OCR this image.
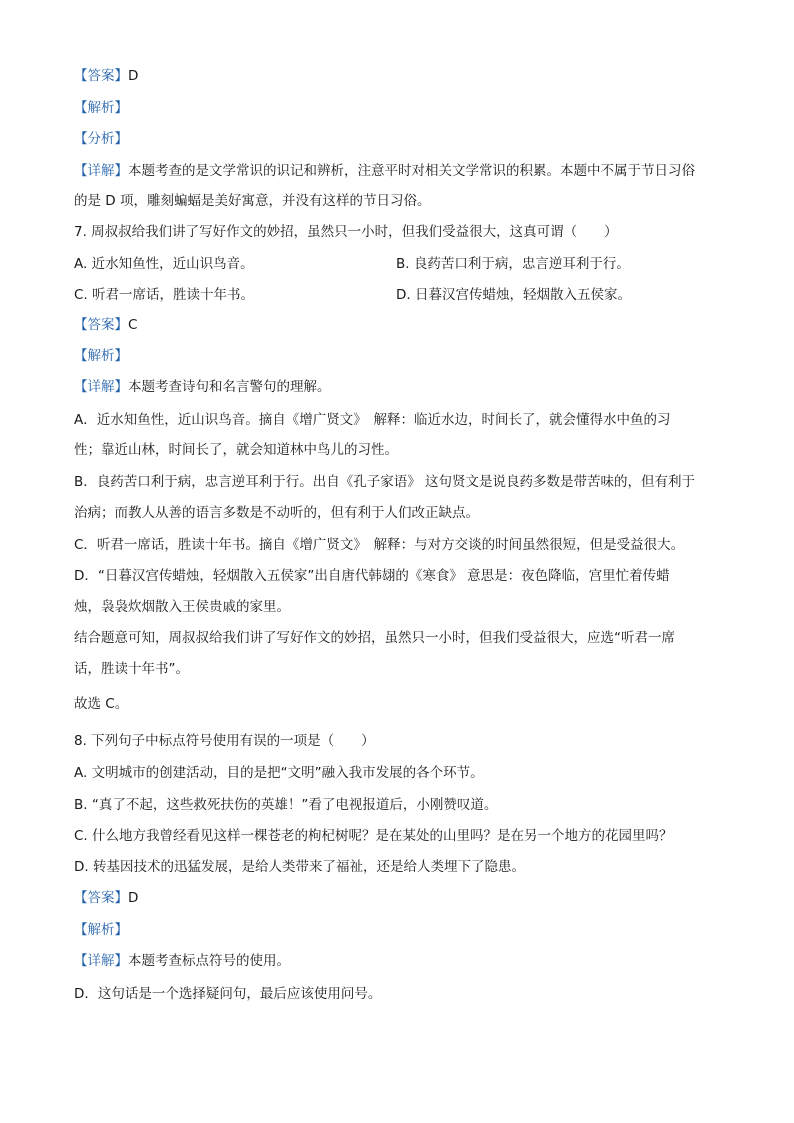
【答案】D
【解析】
【分析】
【详解】本题考查的是文学常识的识记和辨析，注意平时对相关文学常识的积累。本题中不属于节日习俗
的是 D 项，雕刻蝙蝠是美好寓意，并没有这样的节日习俗。
7. 周叔叔给我们讲了写好作文的妙招，虽然只一小时，但我们受益很大，这真可谓（　　）
A. 近水知鱼性，近山识鸟音。	B. 良药苦口利于病，忠言逆耳利于行。
C. 听君一席话，胜读十年书。	D. 日暮汉宫传蜡烛，轻烟散入五侯家。
【答案】C
【解析】
【详解】本题考查诗句和名言警句的理解。
A．近水知鱼性，近山识鸟音。摘自《增广贤文》　解释：临近水边，时间长了，就会懂得水中鱼的习
性；靠近山林，时间长了，就会知道林中鸟儿的习性。
B．良药苦口利于病，忠言逆耳利于行。出自《孔子家语》 这句贤文是说良药多数是带苦味的，但有利于
治病；而教人从善的语言多数是不动听的，但有利于人们改正缺点。
C．听君一席话，胜读十年书。摘自《增广贤文》　解释：与对方交谈的时间虽然很短，但是受益很大。
D．“日暮汉宫传蜡烛，轻烟散入五侯家”出自唐代韩翃的《寒食》 意思是：夜色降临，宫里忙着传蜡
烛，袅袅炊烟散入王侯贵戚的家里。
结合题意可知，周叔叔给我们讲了写好作文的妙招，虽然只一小时，但我们受益很大，应选“听君一席
话，胜读十年书”。
故选 C。
8. 下列句子中标点符号使用有误的一项是（　　）
A. 文明城市的创建活动，目的是把“文明”融入我市发展的各个环节。
B. “真了不起，这些救死扶伤的英雄！”看了电视报道后，小刚赞叹道。
C. 什么地方我曾经看见这样一棵苍老的枸杞树呢？是在某处的山里吗？是在另一个地方的花园里吗？
D. 转基因技术的迅猛发展，是给人类带来了福祉，还是给人类埋下了隐患。
【答案】D
【解析】
【详解】本题考查标点符号的使用。
D．这句话是一个选择疑问句，最后应该使用问号。
